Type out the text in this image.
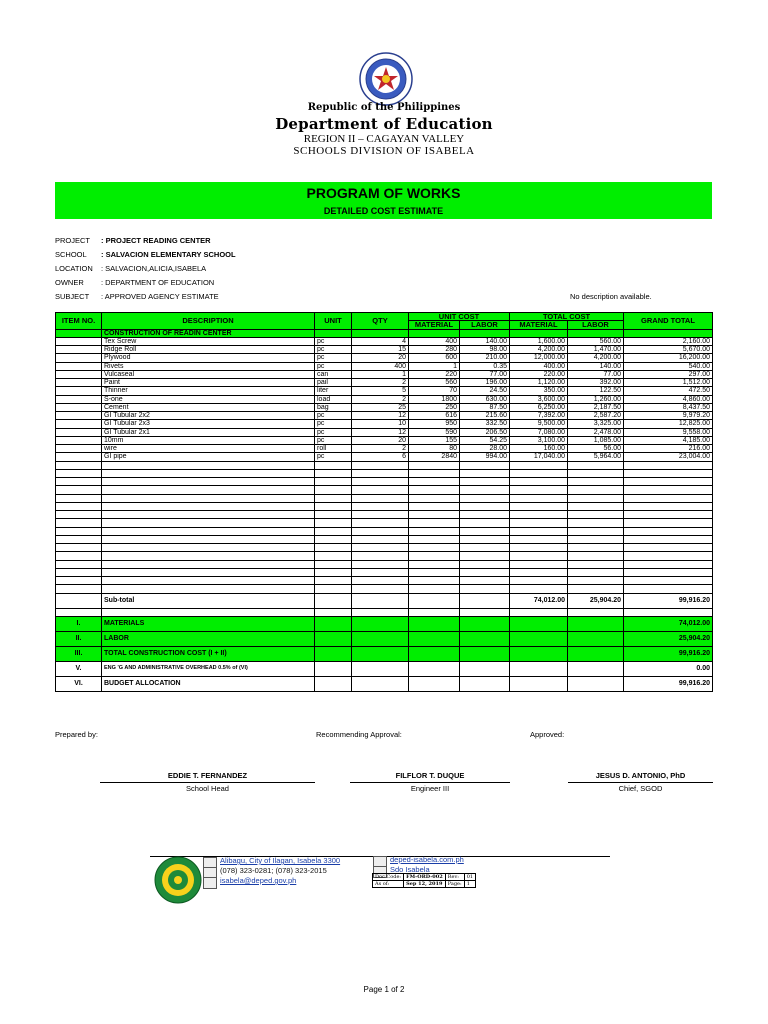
Republic of the Philippines
Department of Education
REGION II – CAGAYAN VALLEY
SCHOOLS DIVISION OF ISABELA
PROGRAM OF WORKS
DETAILED COST ESTIMATE
PROJECT	: PROJECT READING CENTER
SCHOOL	: SALVACION ELEMENTARY SCHOOL
LOCATION	: SALVACION,ALICIA,ISABELA
OWNER	: DEPARTMENT OF EDUCATION
SUBJECT	: APPROVED AGENCY ESTIMATE	No description available.
ITEM NO.	DESCRIPTION	UNIT	QTY	UNIT COST		TOTAL COST		GRAND TOTAL
				MATERIAL	LABOR	MATERIAL	LABOR	
	CONSTRUCTION OF READIN CENTER							
	Tex Screw	pc	4	400	140.00	1,600.00	560.00	2,160.00
	Ridge Roll	pc	15	280	98.00	4,200.00	1,470.00	5,670.00
	Plywood	pc	20	600	210.00	12,000.00	4,200.00	16,200.00
	Rivets	pc	400	1	0.35	400.00	140.00	540.00
	Vulcaseal	can	1	220	77.00	220.00	77.00	297.00
	Paint	pail	2	560	196.00	1,120.00	392.00	1,512.00
	Thinner	liter	5	70	24.50	350.00	122.50	472.50
	S-one	load	2	1800	630.00	3,600.00	1,260.00	4,860.00
	Cement	bag	25	250	87.50	6,250.00	2,187.50	8,437.50
	GI Tubular 2x2	pc	12	616	215.60	7,392.00	2,587.20	9,979.20
	GI Tubular 2x3	pc	10	950	332.50	9,500.00	3,325.00	12,825.00
	GI Tubular 2x1	pc	12	590	206.50	7,080.00	2,478.00	9,558.00
	10mm	pc	20	155	54.25	3,100.00	1,085.00	4,185.00
	wire	roll	2	80	28.00	160.00	56.00	216.00
	GI pipe	pc	6	2840	994.00	17,040.00	5,964.00	23,004.00

	Sub-total					74,012.00	25,904.20	99,916.20

I.	MATERIALS							74,012.00
II.	LABOR							25,904.20
III.	TOTAL CONSTRUCTION COST (I + II)							99,916.20
V.	ENG 'G AND ADMINISTRATIVE OVERHEAD 0.5% of (VI)							0.00
VI.	BUDGET ALLOCATION							99,916.20
Prepared by:	Recommending Approval:	Approved:
EDDIE T. FERNANDEZ
School Head
FILFLOR T. DUQUE
Engineer III
JESUS D. ANTONIO, PhD
Chief, SGOD
Alibagu, City of Ilagan, Isabela 3300
(078) 323-0281; (078) 323-2015
isabela@deped.gov.ph
deped-isabela.com.ph
Sdo Isabela
Doc Code:	FM-ORD-002	Rev:	01
As of:	Sep 12, 2019	Page:	1
Page 1 of 2
